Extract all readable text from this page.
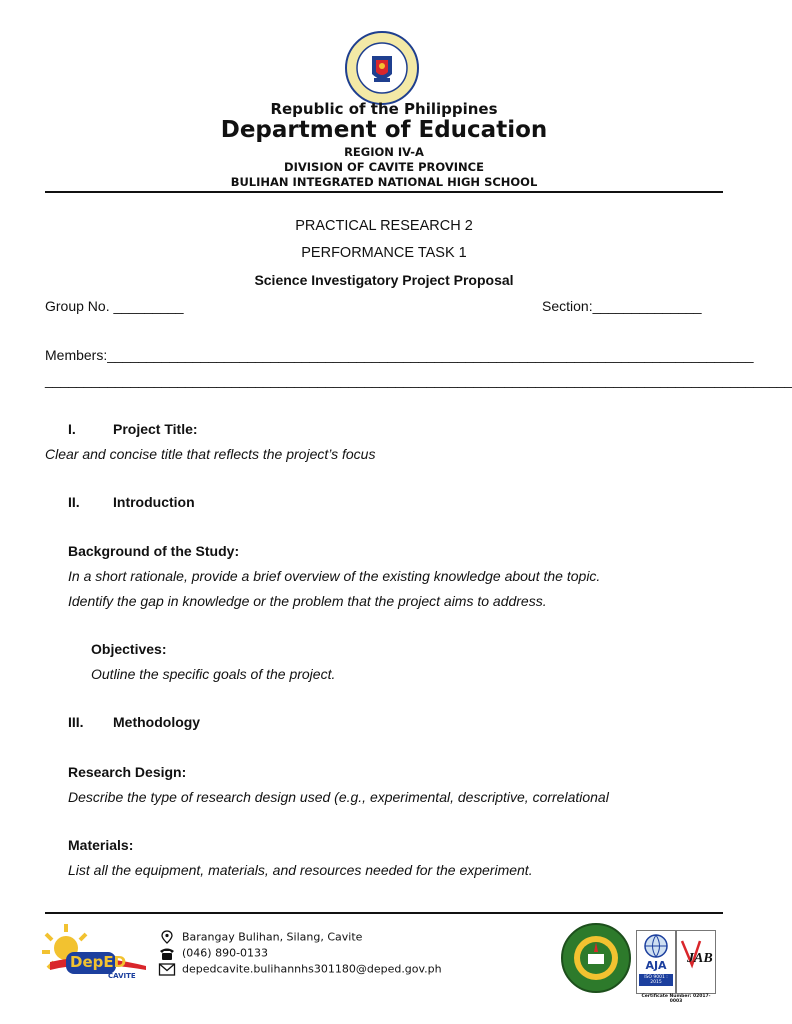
Republic of the Philippines
Department of Education
REGION IV-A
DIVISION OF CAVITE PROVINCE
BULIHAN INTEGRATED NATIONAL HIGH SCHOOL
PRACTICAL RESEARCH 2
PERFORMANCE TASK 1
Science Investigatory Project Proposal
Group No. _________	Section:______________
Members:___________________________________________________________________________________
________________________________________________________________________________________________
I.	Project Title:
Clear and concise title that reflects the project’s focus
II. Introduction
Background of the Study:
In a short rationale, provide a brief overview of the existing knowledge about the topic.
Identify the gap in knowledge or the problem that the project aims to address.
Objectives:
Outline the specific goals of the project.
III. Methodology
Research Design:
Describe the type of research design used (e.g., experimental, descriptive, correlational
Materials:
List all the equipment, materials, and resources needed for the experiment.
DepED
CAVITE
Barangay Bulihan, Silang, Cavite
(046) 890-0133
depedcavite.bulihannhs301180@deped.gov.ph	AJA
ISO 9001 : 2015
JAB
Certificate Number: 02017-0003
